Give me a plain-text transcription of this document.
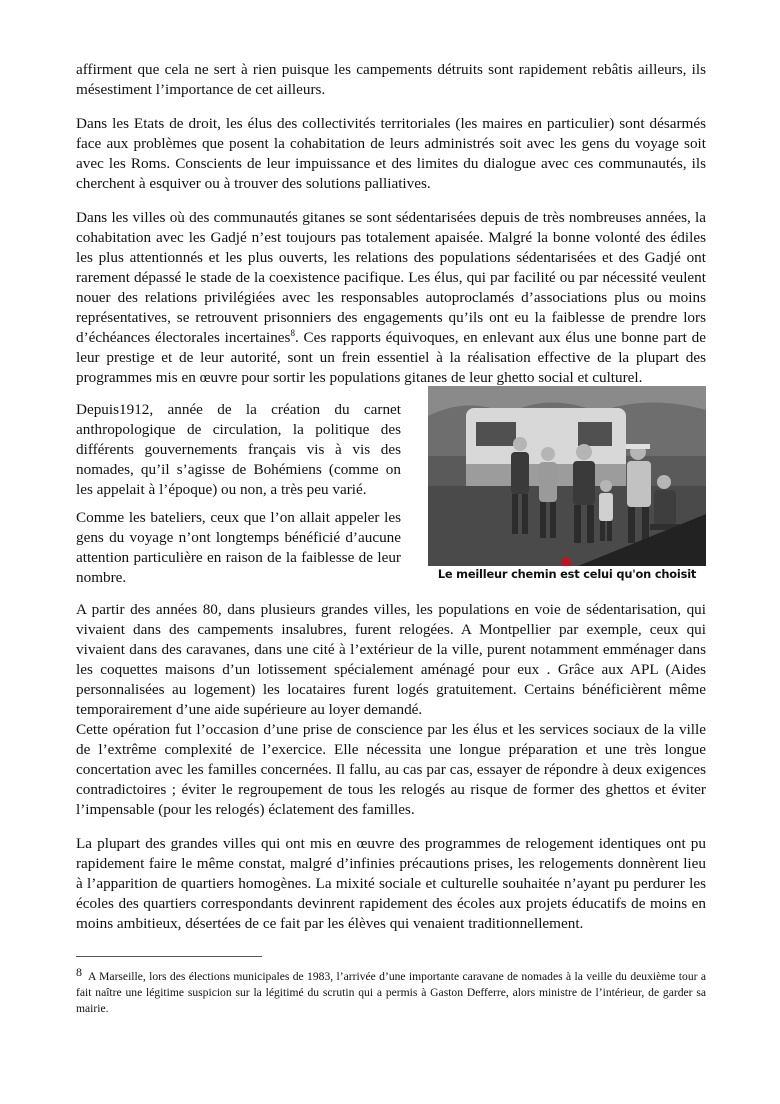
affirment que cela ne sert à rien puisque les campements détruits sont rapidement rebâtis ailleurs, ils mésestiment l’importance de cet ailleurs.

Dans les Etats de droit, les élus des collectivités territoriales (les maires en particulier) sont désarmés face aux problèmes que posent la cohabitation de leurs administrés soit avec les gens du voyage soit avec les Roms. Conscients de leur impuissance et des limites du dialogue avec ces communautés, ils cherchent à esquiver ou à trouver des solutions palliatives.

Dans les villes où des communautés gitanes se sont sédentarisées depuis de très nombreuses années, la cohabitation avec les Gadjé n’est toujours pas totalement apaisée. Malgré la bonne volonté des édiles les plus attentionnés et les plus ouverts, les relations des populations sédentarisées et des Gadjé ont rarement dépassé le stade de la coexistence pacifique. Les élus, qui par facilité ou par nécessité veulent nouer des relations privilégiées avec les responsables autoproclamés d’associations plus ou moins représentatives, se retrouvent prisonniers des engagements qu’ils ont eu la faiblesse de prendre lors d’échéances électorales incertaines$^8$. Ces rapports équivoques, en enlevant aux élus une bonne part de leur prestige et de leur autorité, sont un frein essentiel à la réalisation effective de la plupart des programmes mis en œuvre pour sortir les populations gitanes de leur ghetto social et culturel.

Depuis1912, année de la création du carnet anthropologique de circulation, la politique des différents gouvernements français vis à vis des nomades, qu’il s’agisse de Bohémiens (comme on les appelait à l’époque) ou non, a très peu varié.

Comme les bateliers, ceux que l’on allait appeler les gens du voyage n’ont longtemps bénéficié d’aucune attention particulière en raison de la faiblesse de leur nombre.	Le meilleur chemin est celui qu'on choisit

A partir des années 80, dans plusieurs grandes villes, les populations en voie de sédentarisation, qui vivaient dans des campements insalubres, furent relogées. A Montpellier par exemple, ceux qui vivaient dans des caravanes, dans une cité à l’extérieur de la ville, purent notamment emménager dans les coquettes maisons d’un lotissement spécialement aménagé pour eux . Grâce aux APL (Aides personnalisées au logement) les locataires furent logés gratuitement. Certains bénéficièrent même temporairement d’une aide supérieure au loyer demandé.

Cette opération fut l’occasion d’une prise de conscience par les élus et les services sociaux de la ville de l’extrême complexité de l’exercice. Elle nécessita une longue préparation et une très longue concertation avec les familles concernées. Il fallu, au cas par cas, essayer de répondre à deux exigences contradictoires ; éviter le regroupement de tous les relogés au risque de former des ghettos et éviter l’impensable (pour les relogés) éclatement des familles.

La plupart des grandes villes qui ont mis en œuvre des programmes de relogement identiques ont pu rapidement faire le même constat, malgré d’infinies précautions prises, les relogements donnèrent lieu à l’apparition de quartiers homogènes. La mixité sociale et culturelle souhaitée n’ayant pu perdurer les écoles des quartiers correspondants devinrent rapidement des écoles aux projets éducatifs de moins en moins ambitieux, désertées de ce fait par les élèves qui venaient traditionnellement.

8 A Marseille, lors des élections municipales de 1983, l’arrivée d’une importante caravane de nomades à la veille du deuxième tour a fait naître une légitime suspicion sur la légitimé du scrutin qui a permis à Gaston Defferre, alors ministre de l’intérieur, de garder sa mairie.
